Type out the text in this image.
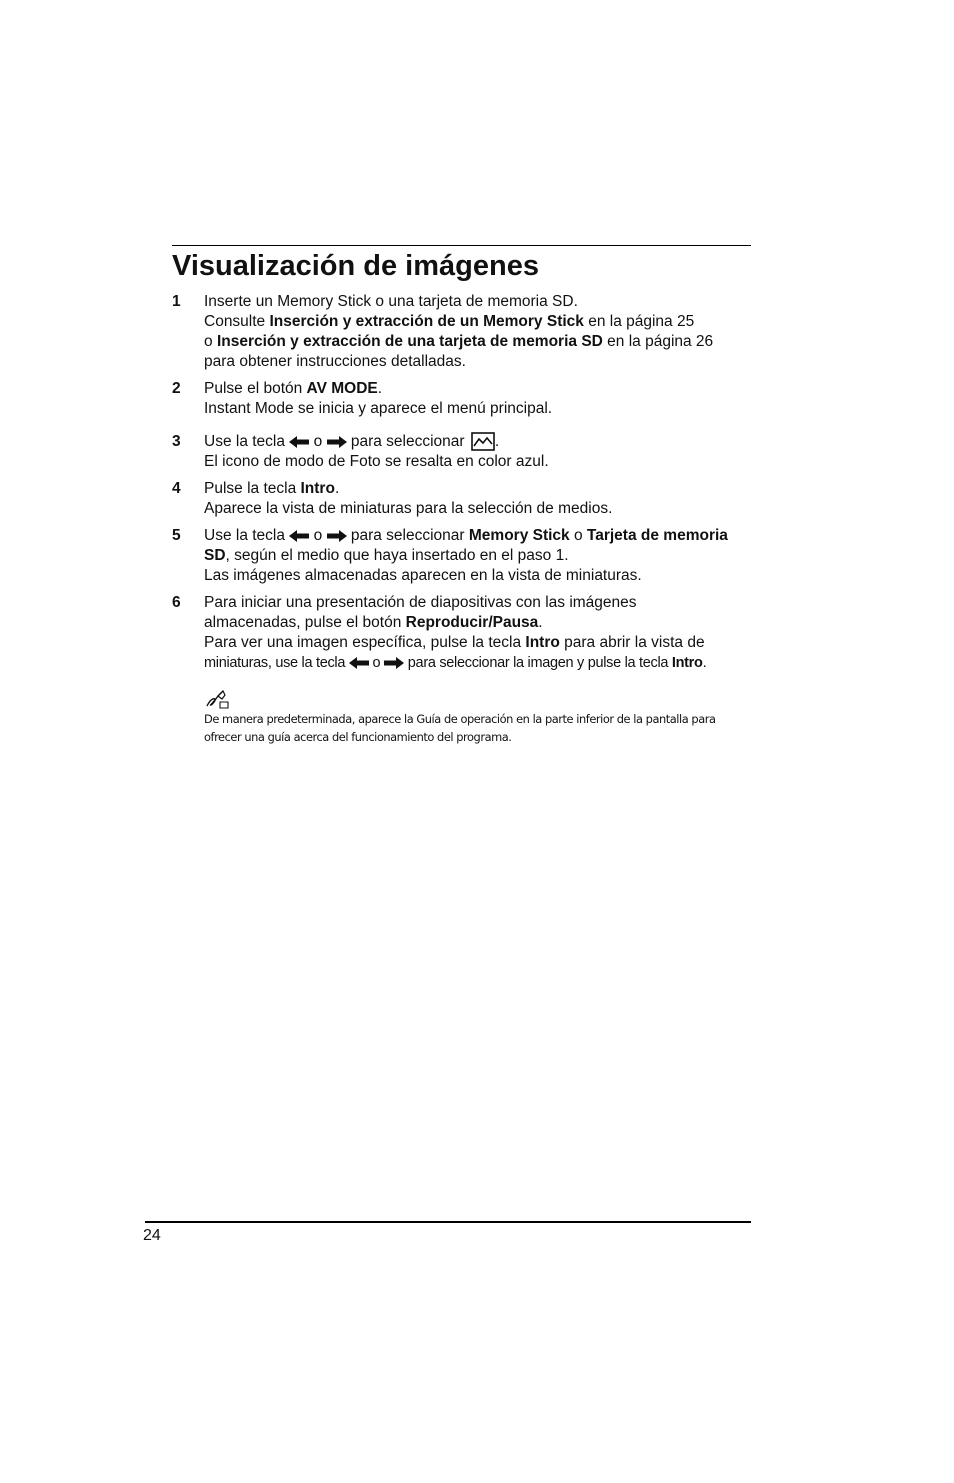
Visualización de imágenes
1	Inserte un Memory Stick o una tarjeta de memoria SD.
Consulte Inserción y extracción de un Memory Stick en la página 25
o Inserción y extracción de una tarjeta de memoria SD en la página 26
para obtener instrucciones detalladas.
2	Pulse el botón AV MODE.
Instant Mode se inicia y aparece el menú principal.
3	Use la tecla  o  para seleccionar .
El icono de modo de Foto se resalta en color azul.
4	Pulse la tecla Intro.
Aparece la vista de miniaturas para la selección de medios.
5	Use la tecla  o  para seleccionar Memory Stick o Tarjeta de memoria
SD, según el medio que haya insertado en el paso 1.
Las imágenes almacenadas aparecen en la vista de miniaturas.
6	Para iniciar una presentación de diapositivas con las imágenes
almacenadas, pulse el botón Reproducir/Pausa.
Para ver una imagen específica, pulse la tecla Intro para abrir la vista de
miniaturas, use la tecla  o  para seleccionar la imagen y pulse la tecla Intro.
De manera predeterminada, aparece la Guía de operación en la parte inferior de la pantalla para
ofrecer una guía acerca del funcionamiento del programa.
24
